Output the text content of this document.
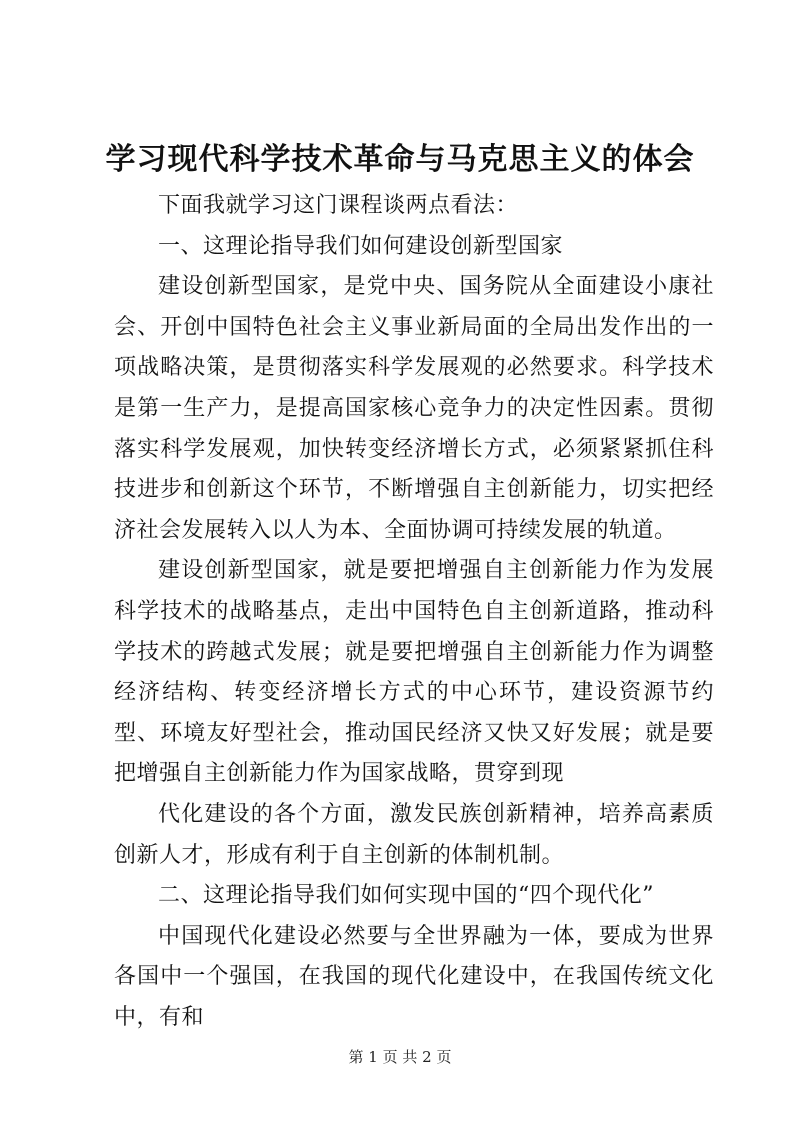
学习现代科学技术革命与马克思主义的体会

下面我就学习这门课程谈两点看法：

一、这理论指导我们如何建设创新型国家

建设创新型国家，是党中央、国务院从全面建设小康社会、开创中国特色社会主义事业新局面的全局出发作出的一项战略决策，是贯彻落实科学发展观的必然要求。科学技术是第一生产力，是提高国家核心竞争力的决定性因素。贯彻落实科学发展观，加快转变经济增长方式，必须紧紧抓住科技进步和创新这个环节，不断增强自主创新能力，切实把经济社会发展转入以人为本、全面协调可持续发展的轨道。

建设创新型国家，就是要把增强自主创新能力作为发展科学技术的战略基点，走出中国特色自主创新道路，推动科学技术的跨越式发展；就是要把增强自主创新能力作为调整经济结构、转变经济增长方式的中心环节，建设资源节约型、环境友好型社会，推动国民经济又快又好发展；就是要把增强自主创新能力作为国家战略，贯穿到现

代化建设的各个方面，激发民族创新精神，培养高素质创新人才，形成有利于自主创新的体制机制。

二、这理论指导我们如何实现中国的“四个现代化”

中国现代化建设必然要与全世界融为一体，要成为世界各国中一个强国，在我国的现代化建设中，在我国传统文化中，有和

第 1 页 共 2 页
